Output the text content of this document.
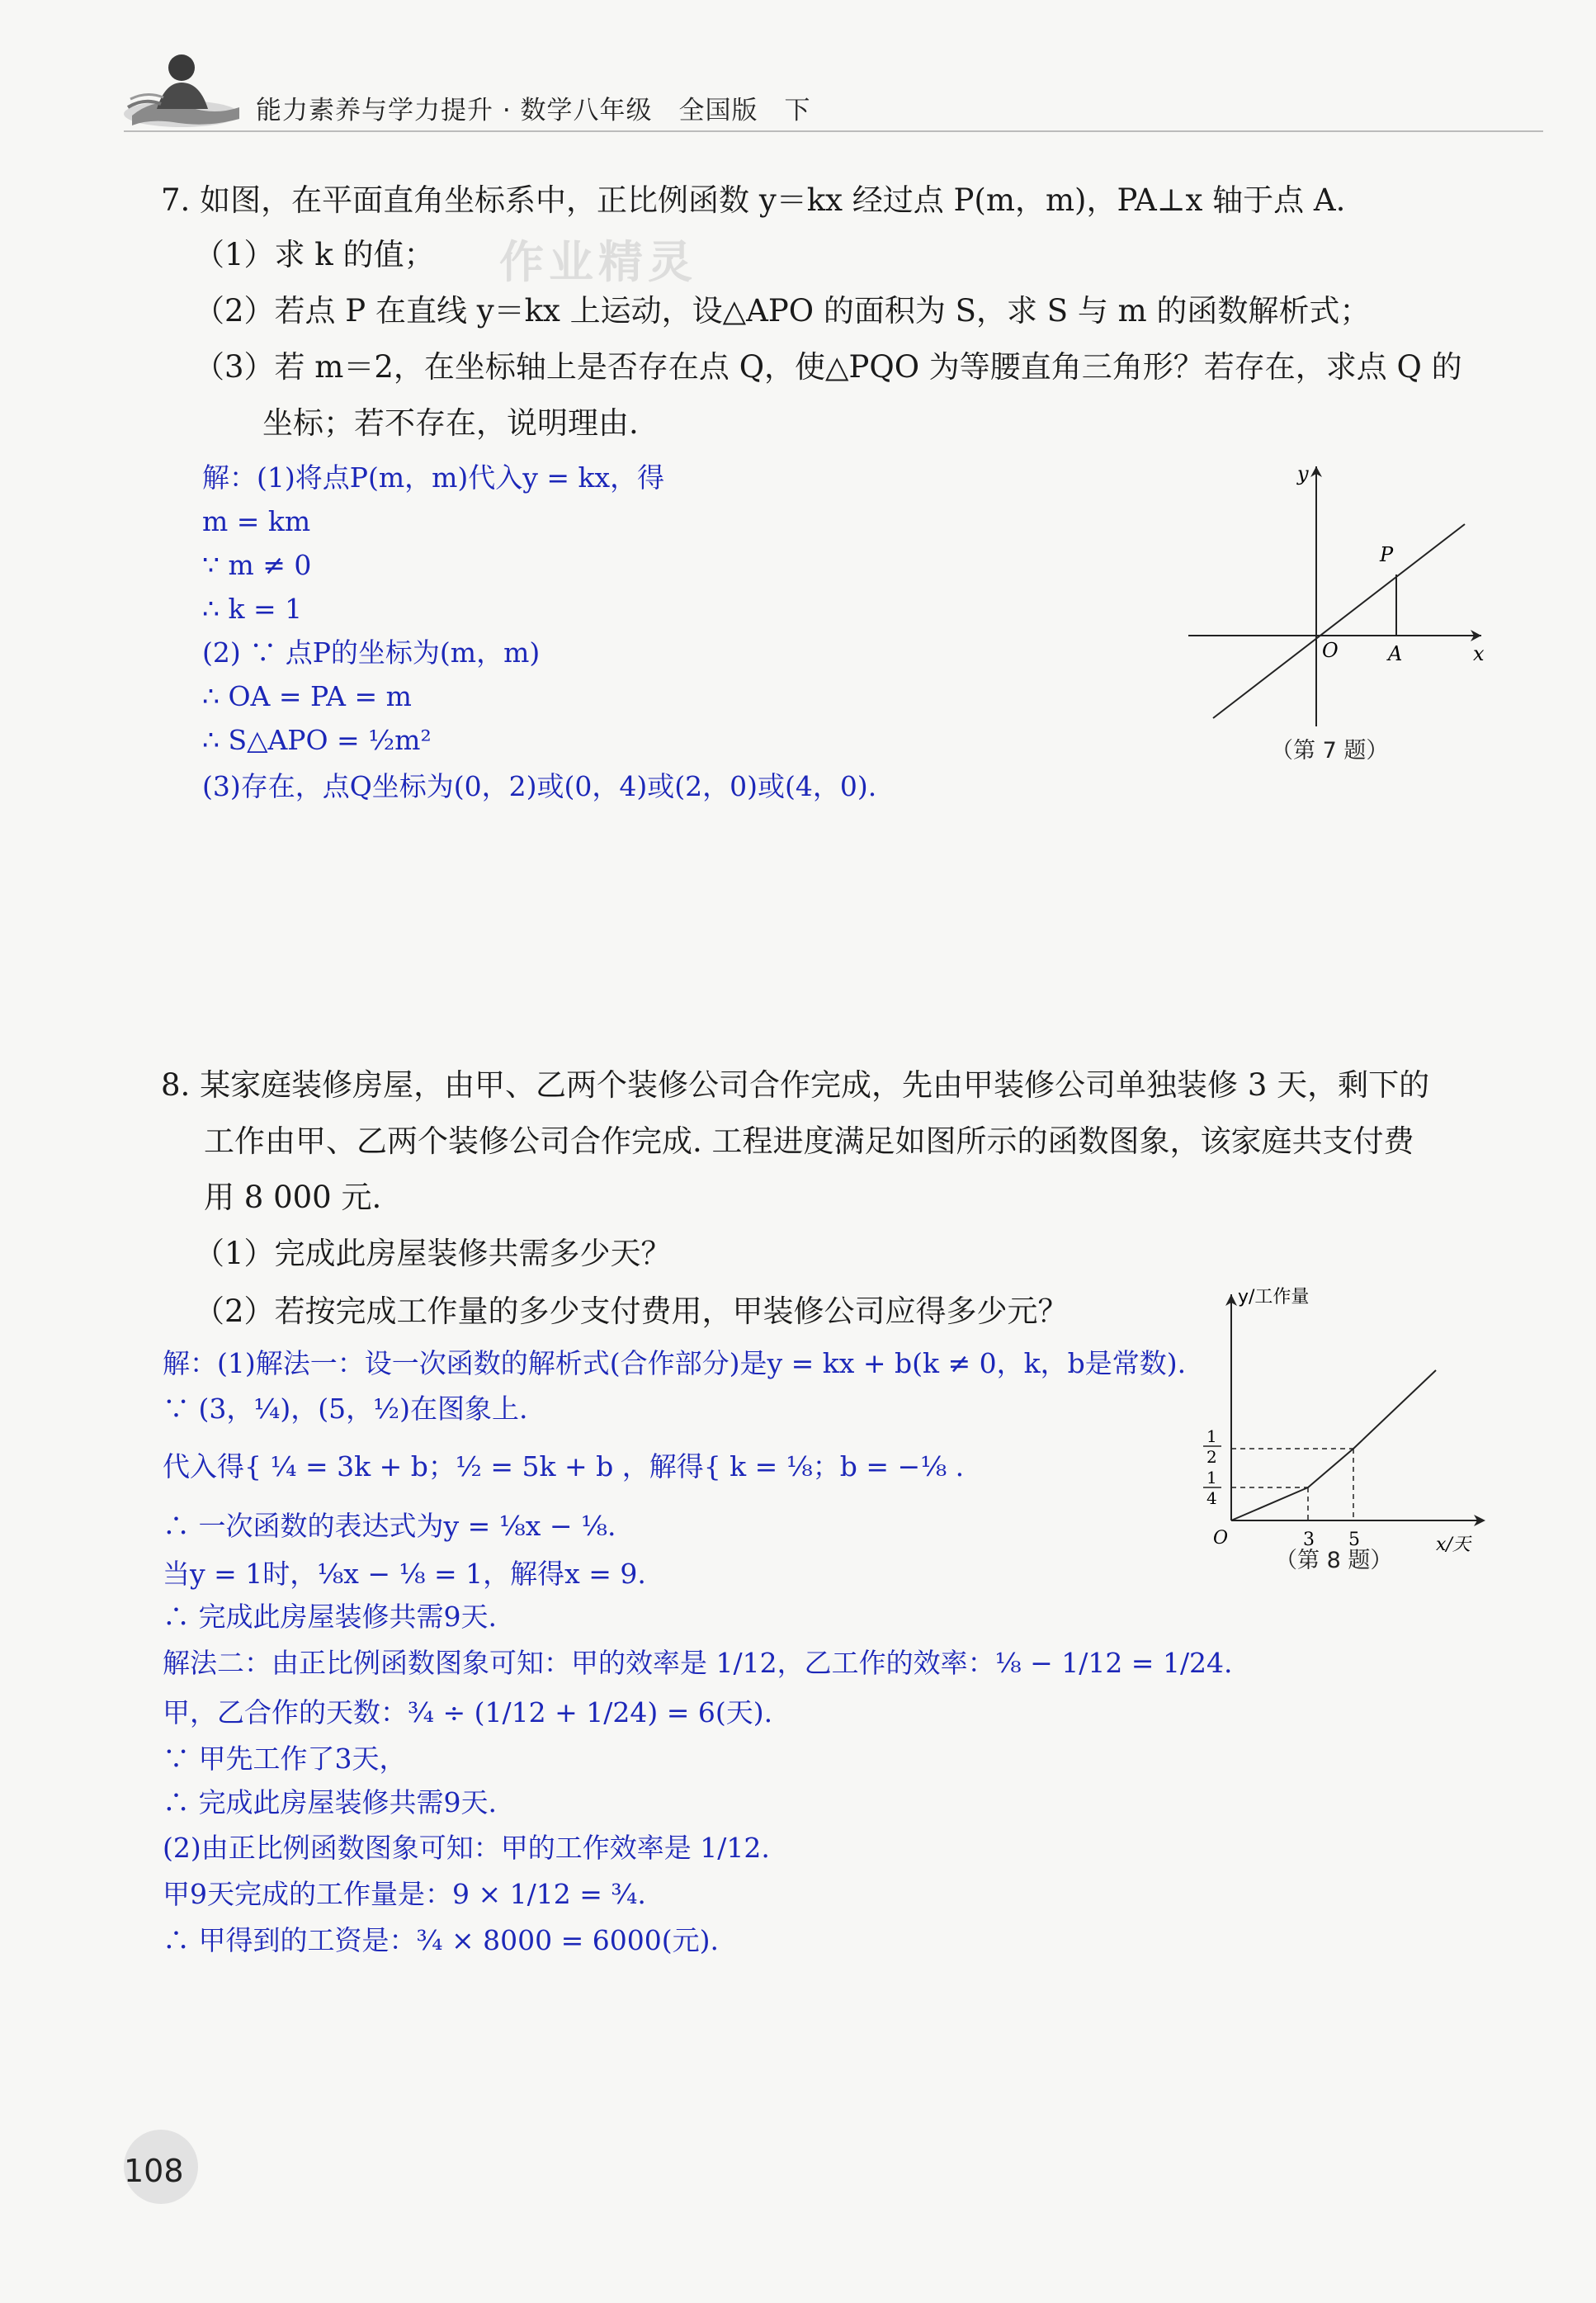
能力素养与学力提升 · 数学八年级　全国版　下
7. 如图，在平面直角坐标系中，正比例函数 y＝kx 经过点 P(m，m)，PA⊥x 轴于点 A.
（1）求 k 的值； 作业精灵
（2）若点 P 在直线 y＝kx 上运动，设△APO 的面积为 S，求 S 与 m 的函数解析式；
（3）若 m＝2，在坐标轴上是否存在点 Q，使△PQO 为等腰直角三角形？若存在，求点 Q 的
坐标；若不存在，说明理由.
解：(1)将点P(m，m)代入y = kx，得
m = km
∵ m ≠ 0
∴ k = 1
(2) ∵ 点P的坐标为(m，m)
∴ OA = PA = m
∴ S△APO = ½m²
(3)存在，点Q坐标为(0，2)或(0，4)或(2，0)或(4，0).
y
x
O	A
P
（第 7 题）
8. 某家庭装修房屋，由甲、乙两个装修公司合作完成，先由甲装修公司单独装修 3 天，剩下的
工作由甲、乙两个装修公司合作完成. 工程进度满足如图所示的函数图象，该家庭共支付费
用 8 000 元.
（1）完成此房屋装修共需多少天？
（2）若按完成工作量的多少支付费用，甲装修公司应得多少元？
解：(1)解法一：设一次函数的解析式(合作部分)是y = kx + b(k ≠ 0，k，b是常数).
∵ (3，¼)，(5，½)在图象上.
代入得{ ¼ = 3k + b；½ = 5k + b ，解得{ k = ⅛；b = −⅛ .
∴ 一次函数的表达式为y = ⅛x − ⅛.
当y = 1时，⅛x − ⅛ = 1，解得x = 9.
∴ 完成此房屋装修共需9天.
解法二：由正比例函数图象可知：甲的效率是 1/12，乙工作的效率：⅛ − 1/12 = 1/24.
甲，乙合作的天数：¾ ÷ (1/12 + 1/24) = 6(天).
∵ 甲先工作了3天，
∴ 完成此房屋装修共需9天.
(2)由正比例函数图象可知：甲的工作效率是 1/12.
甲9天完成的工作量是：9 × 1/12 = ¾.
∴ 甲得到的工资是：¾ × 8000 = 6000(元).
y/工作量
x/天
O	3 5
1
2
1
4
（第 8 题）
108
